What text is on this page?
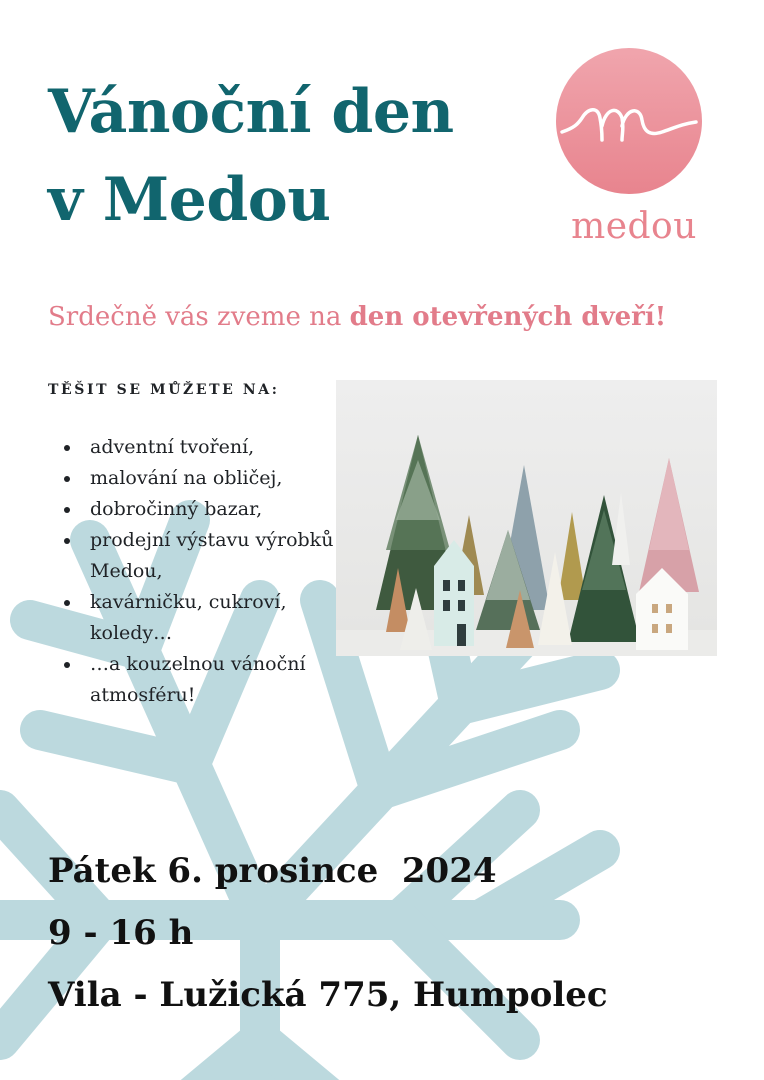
Vánoční den
v Medou	medou
Srdečně vás zveme na den otevřených dveří!
TĚŠIT SE MŮŽETE NA:
adventní tvoření,
malování na obličej,
dobročinný bazar,
prodejní výstavu výrobků Medou,
kavárničku, cukroví, koledy…
…a kouzelnou vánoční atmosféru!
Pátek 6. prosince  2024
9 - 16 h
Vila - Lužická 775, Humpolec
